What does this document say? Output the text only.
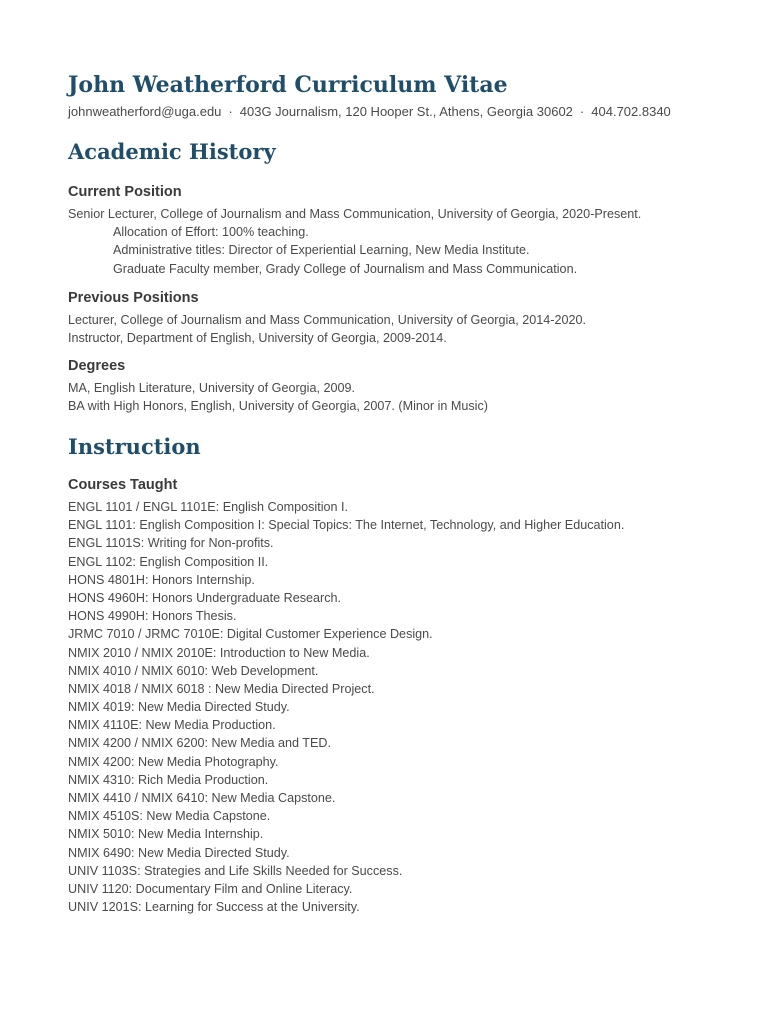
John Weatherford Curriculum Vitae
johnweatherford@uga.edu · 403G Journalism, 120 Hooper St., Athens, Georgia 30602 · 404.702.8340
Academic History
Current Position
Senior Lecturer, College of Journalism and Mass Communication, University of Georgia, 2020-Present.
Allocation of Effort: 100% teaching.
Administrative titles: Director of Experiential Learning, New Media Institute.
Graduate Faculty member, Grady College of Journalism and Mass Communication.
Previous Positions
Lecturer, College of Journalism and Mass Communication, University of Georgia, 2014-2020.
Instructor, Department of English, University of Georgia, 2009-2014.
Degrees
MA, English Literature, University of Georgia, 2009.
BA with High Honors, English, University of Georgia, 2007. (Minor in Music)
Instruction
Courses Taught
ENGL 1101 / ENGL 1101E: English Composition I.
ENGL 1101: English Composition I: Special Topics: The Internet, Technology, and Higher Education.
ENGL 1101S: Writing for Non-profits.
ENGL 1102: English Composition II.
HONS 4801H: Honors Internship.
HONS 4960H: Honors Undergraduate Research.
HONS 4990H: Honors Thesis.
JRMC 7010 / JRMC 7010E: Digital Customer Experience Design.
NMIX 2010 / NMIX 2010E: Introduction to New Media.
NMIX 4010 / NMIX 6010: Web Development.
NMIX 4018 / NMIX 6018 : New Media Directed Project.
NMIX 4019: New Media Directed Study.
NMIX 4110E: New Media Production.
NMIX 4200 / NMIX 6200: New Media and TED.
NMIX 4200: New Media Photography.
NMIX 4310: Rich Media Production.
NMIX 4410 / NMIX 6410: New Media Capstone.
NMIX 4510S: New Media Capstone.
NMIX 5010: New Media Internship.
NMIX 6490: New Media Directed Study.
UNIV 1103S: Strategies and Life Skills Needed for Success.
UNIV 1120: Documentary Film and Online Literacy.
UNIV 1201S: Learning for Success at the University.
